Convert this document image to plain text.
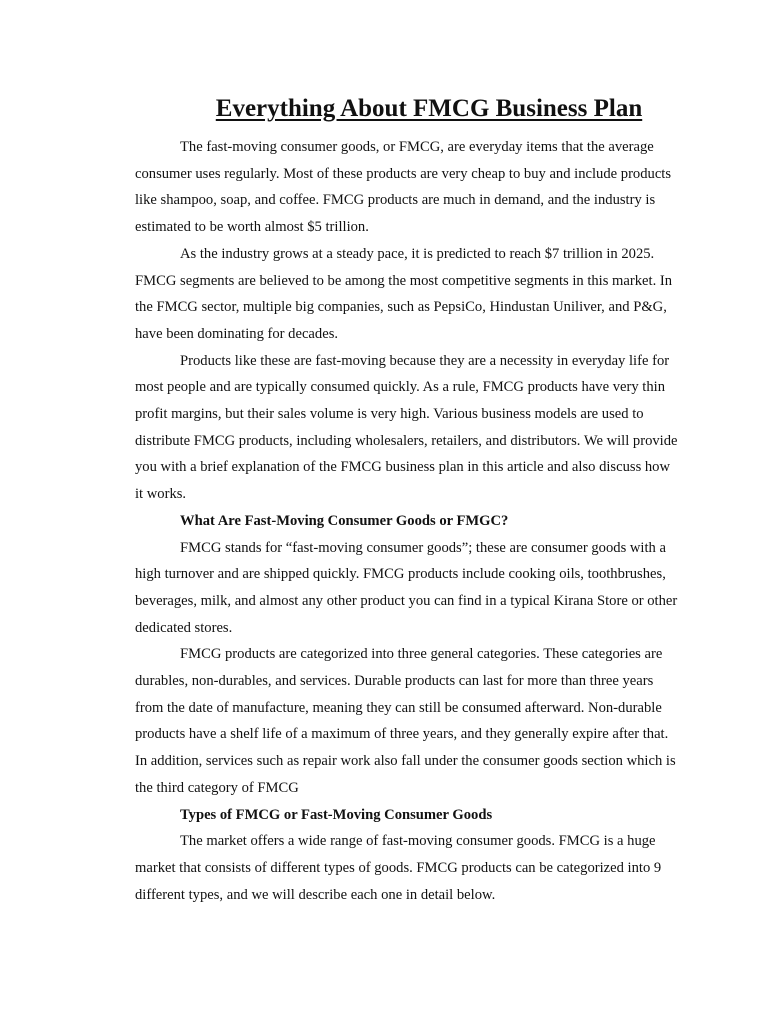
Everything About FMCG Business Plan

The fast-moving consumer goods, or FMCG, are everyday items that the average consumer uses regularly. Most of these products are very cheap to buy and include products like shampoo, soap, and coffee. FMCG products are much in demand, and the industry is estimated to be worth almost $5 trillion.

As the industry grows at a steady pace, it is predicted to reach $7 trillion in 2025. FMCG segments are believed to be among the most competitive segments in this market. In the FMCG sector, multiple big companies, such as PepsiCo, Hindustan Uniliver, and P&G, have been dominating for decades.

Products like these are fast-moving because they are a necessity in everyday life for most people and are typically consumed quickly. As a rule, FMCG products have very thin profit margins, but their sales volume is very high. Various business models are used to distribute FMCG products, including wholesalers, retailers, and distributors. We will provide you with a brief explanation of the FMCG business plan in this article and also discuss how it works.

What Are Fast-Moving Consumer Goods or FMGC?

FMCG stands for “fast-moving consumer goods”; these are consumer goods with a high turnover and are shipped quickly. FMCG products include cooking oils, toothbrushes, beverages, milk, and almost any other product you can find in a typical Kirana Store or other dedicated stores.

FMCG products are categorized into three general categories. These categories are durables, non-durables, and services. Durable products can last for more than three years from the date of manufacture, meaning they can still be consumed afterward. Non-durable products have a shelf life of a maximum of three years, and they generally expire after that. In addition, services such as repair work also fall under the consumer goods section which is the third category of FMCG

Types of FMCG or Fast-Moving Consumer Goods

The market offers a wide range of fast-moving consumer goods. FMCG is a huge market that consists of different types of goods. FMCG products can be categorized into 9 different types, and we will describe each one in detail below.
